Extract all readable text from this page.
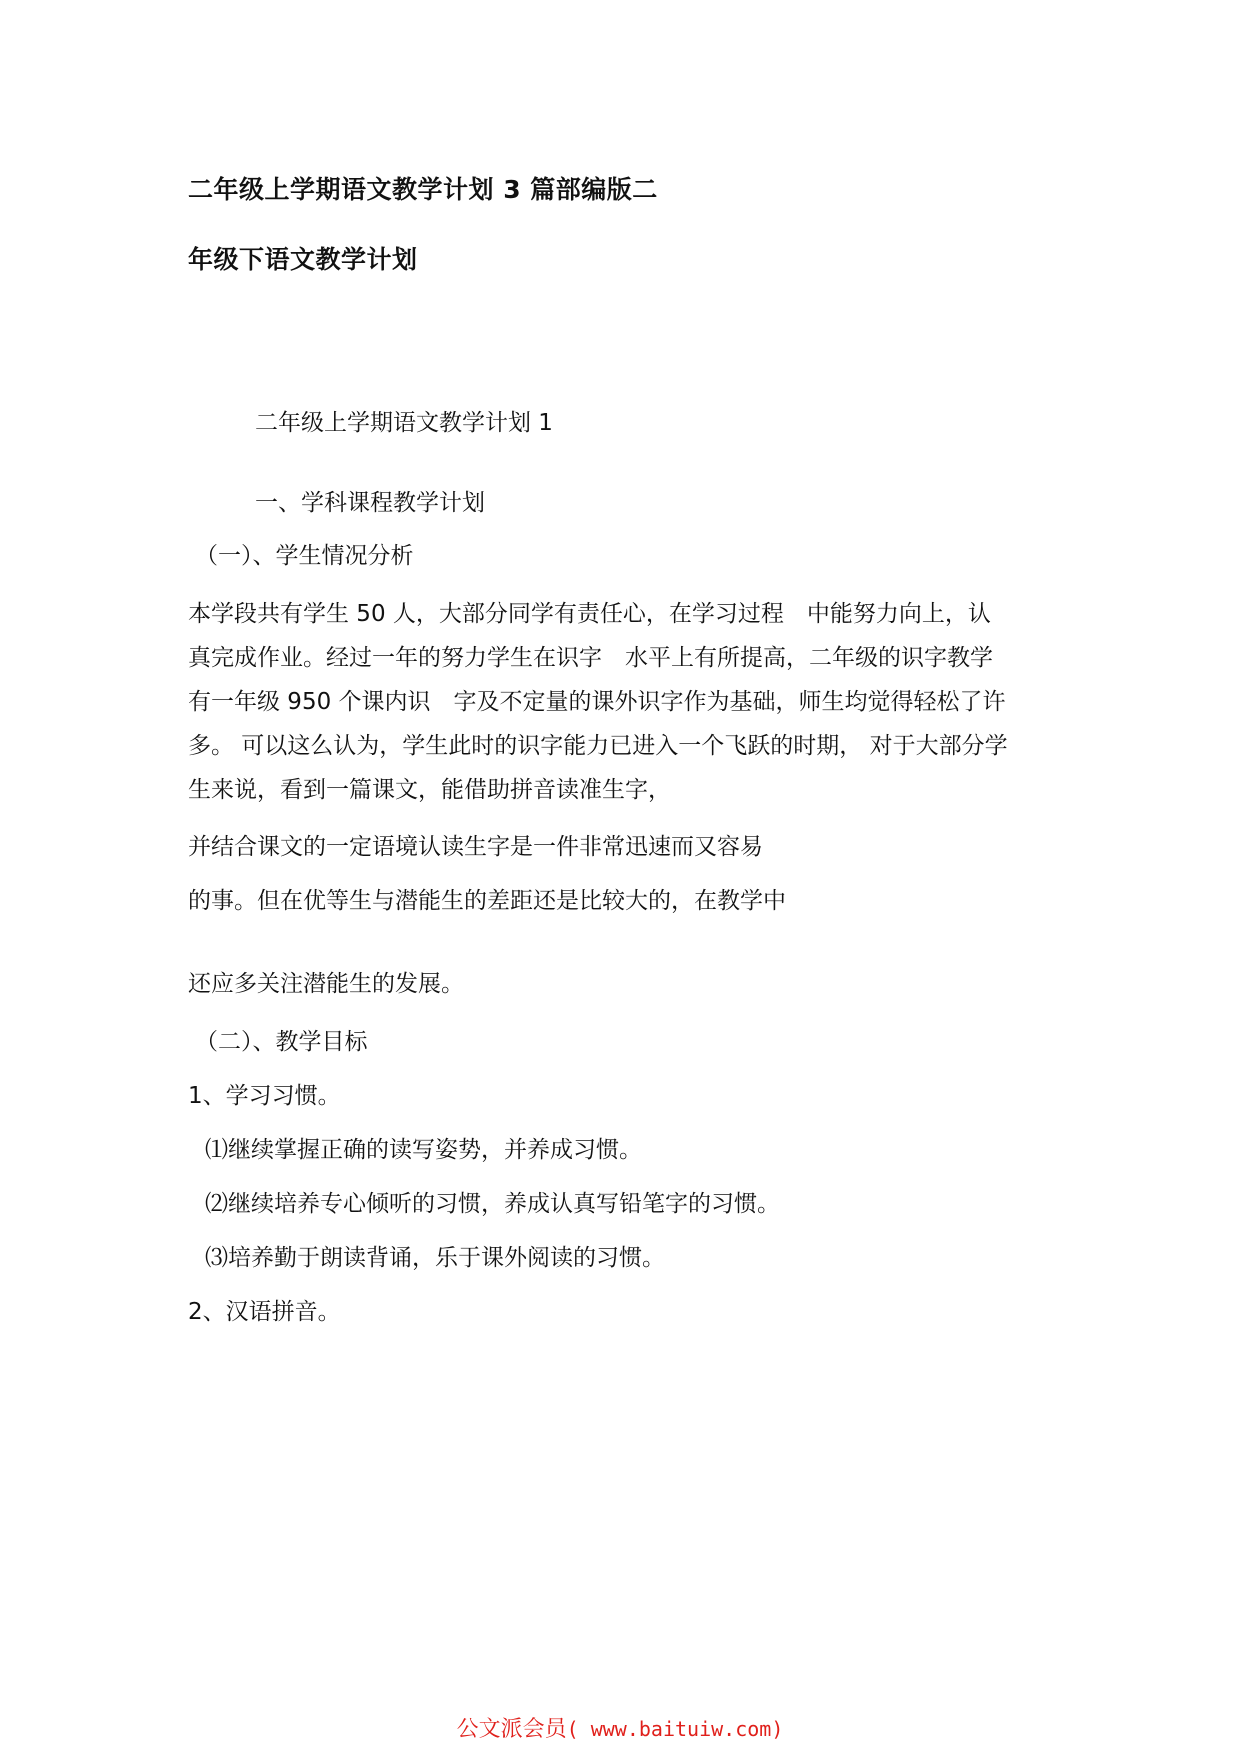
二年级上学期语文教学计划 3 篇部编版二
年级下语文教学计划
二年级上学期语文教学计划 1
一、学科课程教学计划
（一）、学生情况分析
本学段共有学生 50 人，大部分同学有责任心，在学习过程　中能努力向上，认
真完成作业。经过一年的努力学生在识字　水平上有所提高，二年级的识字教学
有一年级 950 个课内识　字及不定量的课外识字作为基础，师生均觉得轻松了许
多。 可以这么认为，学生此时的识字能力已进入一个飞跃的时期， 对于大部分学
生来说，看到一篇课文，能借助拼音读准生字，
并结合课文的一定语境认读生字是一件非常迅速而又容易
的事。但在优等生与潜能生的差距还是比较大的，在教学中
还应多关注潜能生的发展。
（二）、教学目标
1、学习习惯。
⑴继续掌握正确的读写姿势，并养成习惯。
⑵继续培养专心倾听的习惯，养成认真写铅笔字的习惯。
⑶培养勤于朗读背诵，乐于课外阅读的习惯。
2、汉语拼音。
公文派会员( www.baituiw.com)
